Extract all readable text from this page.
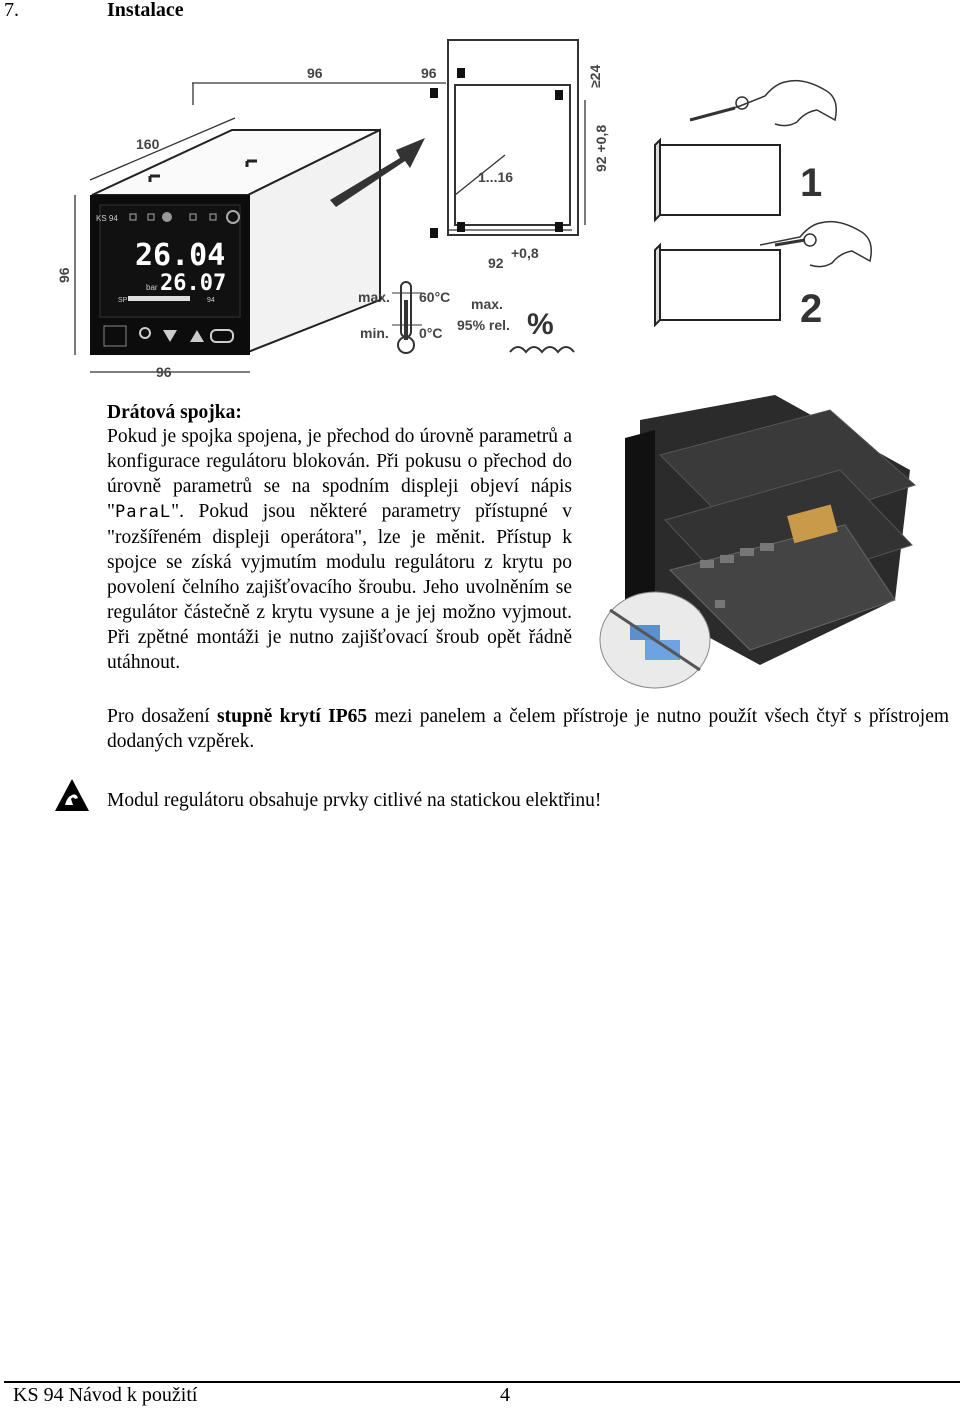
7.	Instalace
KS 94
26.04
26.07
bar
SP	94
160
96	96	≥24
92 +0,8
1...16
92
+0,8
96
96
max. 60°C
min. 0°C
max.
95% rel. %
1
2
Drátová spojka:
Pokud je spojka spojena, je přechod do úrovně parametrů a konfigurace regulátoru blokován. Při pokusu o přechod do úrovně parametrů se na spodním displeji objeví nápis "ParaL". Pokud jsou některé parametry přístupné v "rozšířeném displeji operátora", lze je měnit. Přístup k spojce se získá vyjmutím modulu regulátoru z krytu po povolení čelního zajišťovacího šroubu. Jeho uvolněním se regulátor částečně z krytu vysune a je jej možno vyjmout. Při zpětné montáži je nutno zajišťovací šroub opět řádně utáhnout.
Pro dosažení stupně krytí IP65 mezi panelem a čelem přístroje je nutno použít všech čtyř s přístrojem dodaných vzpěrek.
Modul regulátoru obsahuje prvky citlivé na statickou elektřinu!
KS 94 Návod k použití	4
